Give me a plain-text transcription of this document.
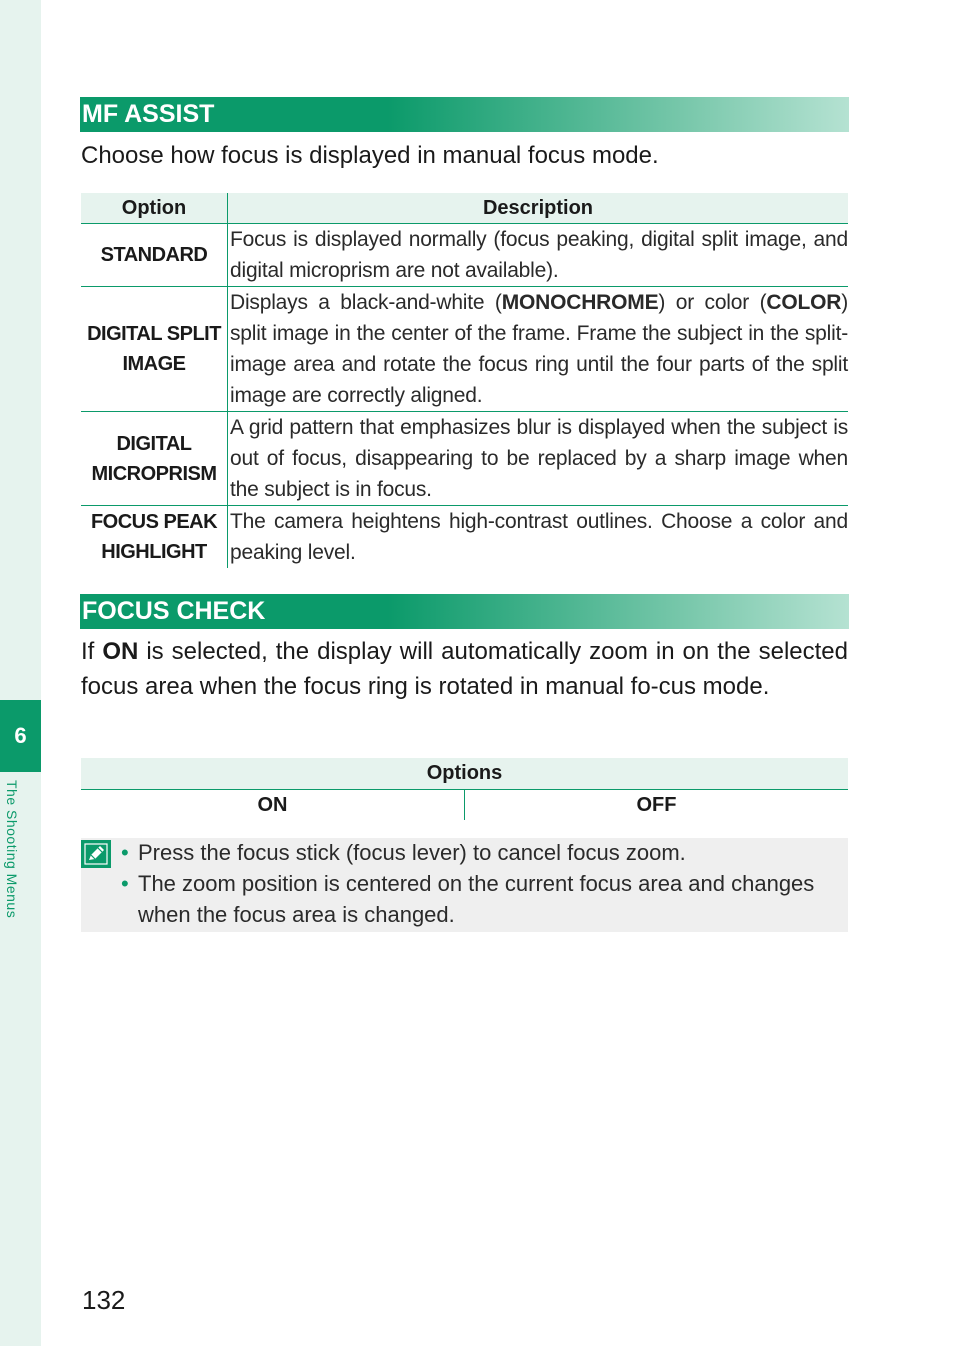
6
The Shooting Menus
MF ASSIST
Choose how focus is displayed in manual focus mode.
Option	Description
STANDARD	Focus is displayed normally (focus peaking, digital split image, and digital microprism are not available).
DIGITAL SPLIT
IMAGE	Displays a black-and-white (MONOCHROME) or color (COLOR) split image in the center of the frame. Frame the subject in the split-image area and rotate the focus ring until the four parts of the split image are correctly aligned.
DIGITAL
MICROPRISM	A grid pattern that emphasizes blur is displayed when the subject is out of focus, disappearing to be replaced by a sharp image when the subject is in focus.
FOCUS PEAK
HIGHLIGHT	The camera heightens high-contrast outlines. Choose a color and peaking level.
FOCUS CHECK
If ON is selected, the display will automatically zoom in on the selected focus area when the focus ring is rotated in manual fo-cus mode.
Options
ON	OFF
• Press the focus stick (focus lever) to cancel focus zoom.
• The zoom position is centered on the current focus area and changes when the focus area is changed.
132
